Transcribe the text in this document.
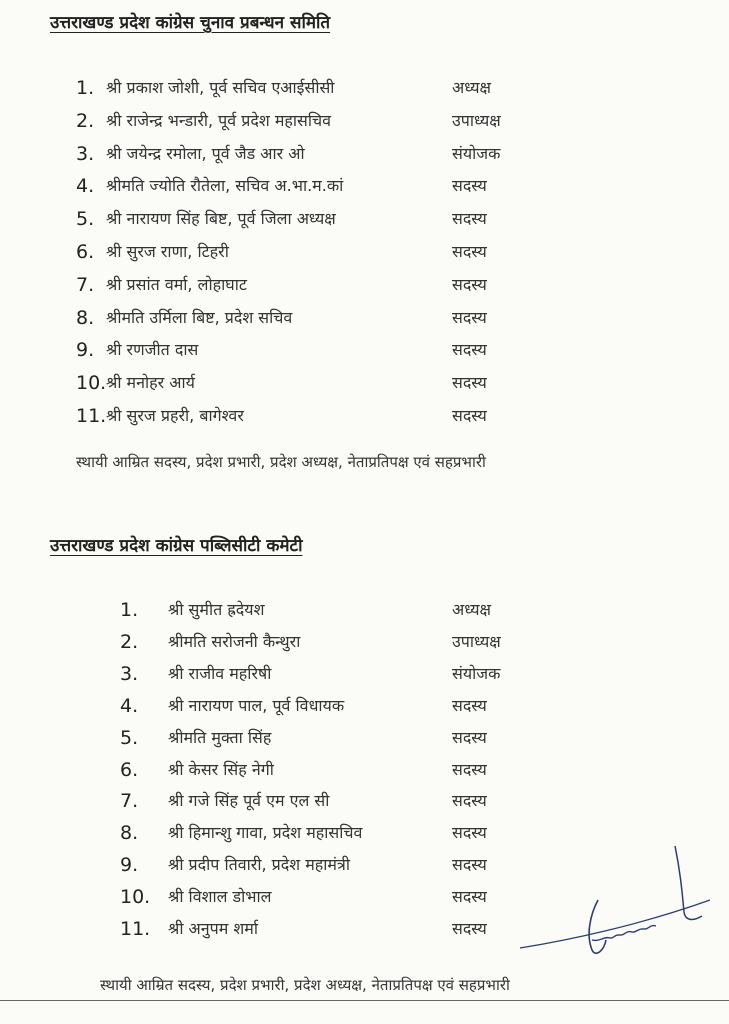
उत्तराखण्ड प्रदेश कांग्रेस चुनाव प्रबन्धन समिति
1. श्री प्रकाश जोशी, पूर्व सचिव एआईसीसी	अध्यक्ष
2. श्री राजेन्द्र भन्डारी, पूर्व प्रदेश महासचिव	उपाध्यक्ष
3. श्री जयेन्द्र रमोला, पूर्व जैड आर ओ	संयोजक
4. श्रीमति ज्योति रौतेला, सचिव अ.भा.म.कां	सदस्य
5. श्री नारायण सिंह बिष्ट, पूर्व जिला अध्यक्ष	सदस्य
6. श्री सुरज राणा, टिहरी	सदस्य
7. श्री प्रसांत वर्मा, लोहाघाट	सदस्य
8. श्रीमति उर्मिला बिष्ट, प्रदेश सचिव	सदस्य
9. श्री रणजीत दास	सदस्य
10. श्री मनोहर आर्य	सदस्य
11. श्री सुरज प्रहरी, बागेश्वर	सदस्य

स्थायी आम्रित सदस्य, प्रदेश प्रभारी, प्रदेश अध्यक्ष, नेताप्रतिपक्ष एवं सहप्रभारी

उत्तराखण्ड प्रदेश कांग्रेस पब्लिसीटी कमेटी
1. श्री सुमीत ह्रदेयश	अध्यक्ष
2. श्रीमति सरोजनी कैन्थुरा	उपाध्यक्ष
3. श्री राजीव महरिषी	संयोजक
4. श्री नारायण पाल, पूर्व विधायक	सदस्य
5. श्रीमति मुक्ता सिंह	सदस्य
6. श्री केसर सिंह नेगी	सदस्य
7. श्री गजे सिंह पूर्व एम एल सी	सदस्य
8. श्री हिमान्शु गावा, प्रदेश महासचिव	सदस्य
9. श्री प्रदीप तिवारी, प्रदेश महामंत्री	सदस्य
10. श्री विशाल डोभाल	सदस्य
11. श्री अनुपम शर्मा	सदस्य

स्थायी आम्रित सदस्य, प्रदेश प्रभारी, प्रदेश अध्यक्ष, नेताप्रतिपक्ष एवं सहप्रभारी
